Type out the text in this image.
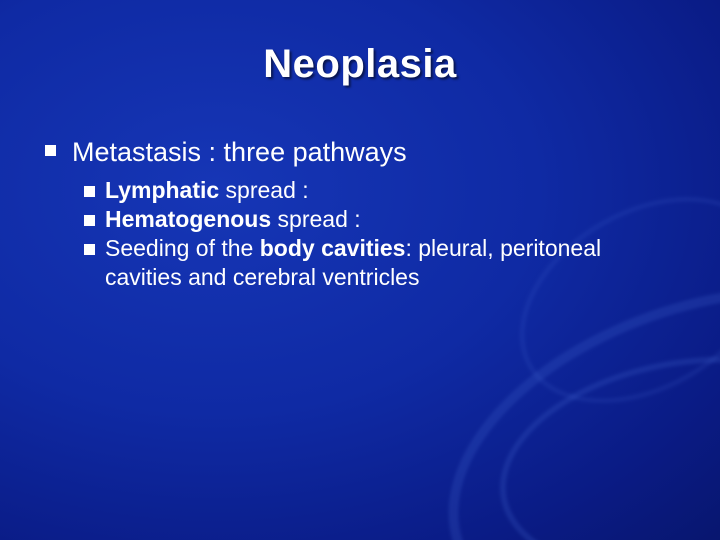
Neoplasia
Metastasis : three pathways
Lymphatic spread :
Hematogenous spread :
Seeding of the body cavities: pleural, peritoneal cavities and cerebral ventricles
